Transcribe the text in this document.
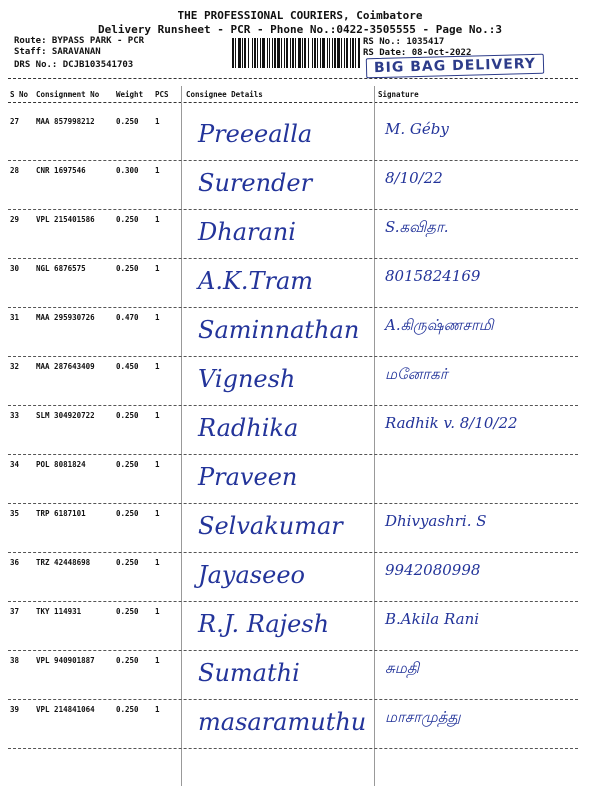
THE PROFESSIONAL COURIERS, Coimbatore
Delivery Runsheet - PCR - Phone No.:0422-3505555 - Page No.:3
Route: BYPASS PARK - PCR
Staff: SARAVANAN
DRS No.: DCJB103541703
RS No.: 1035417
RS Date: 08-Oct-2022
BIG BAG DELIVERY
S No Consignment No Weight PCS Consignee Details	Signature
27 MAA 857998212	0.250 1 Preeealla	M. Géby
28 CNR 1697546	0.300 1 Surender	8/10/22
29 VPL 215401586	0.250 1 Dharani	S.கவிதா.
30 NGL 6876575	0.250 1 A.K.Tram	8015824169
31 MAA 295930726	0.470 1 Saminnathan A.கிருஷ்ணசாமி
32 MAA 287643409	0.450 1 Vignesh	மனோகர்
33 SLM 304920722	0.250 1 Radhika	Radhik v. 8/10/22
34 POL 8081824	0.250 1 Praveen
35 TRP 6187101	0.250 1 Selvakumar	Dhivyashri. S
36 TRZ 42448698	0.250 1 Jayaseeo	9942080998
37 TKY 114931	0.250 1 R.J. Rajesh	B.Akila Rani
38 VPL 940901887	0.250 1 Sumathi	சுமதி
39 VPL 214841064	0.250 1 masaramuthu மாசாமுத்து
